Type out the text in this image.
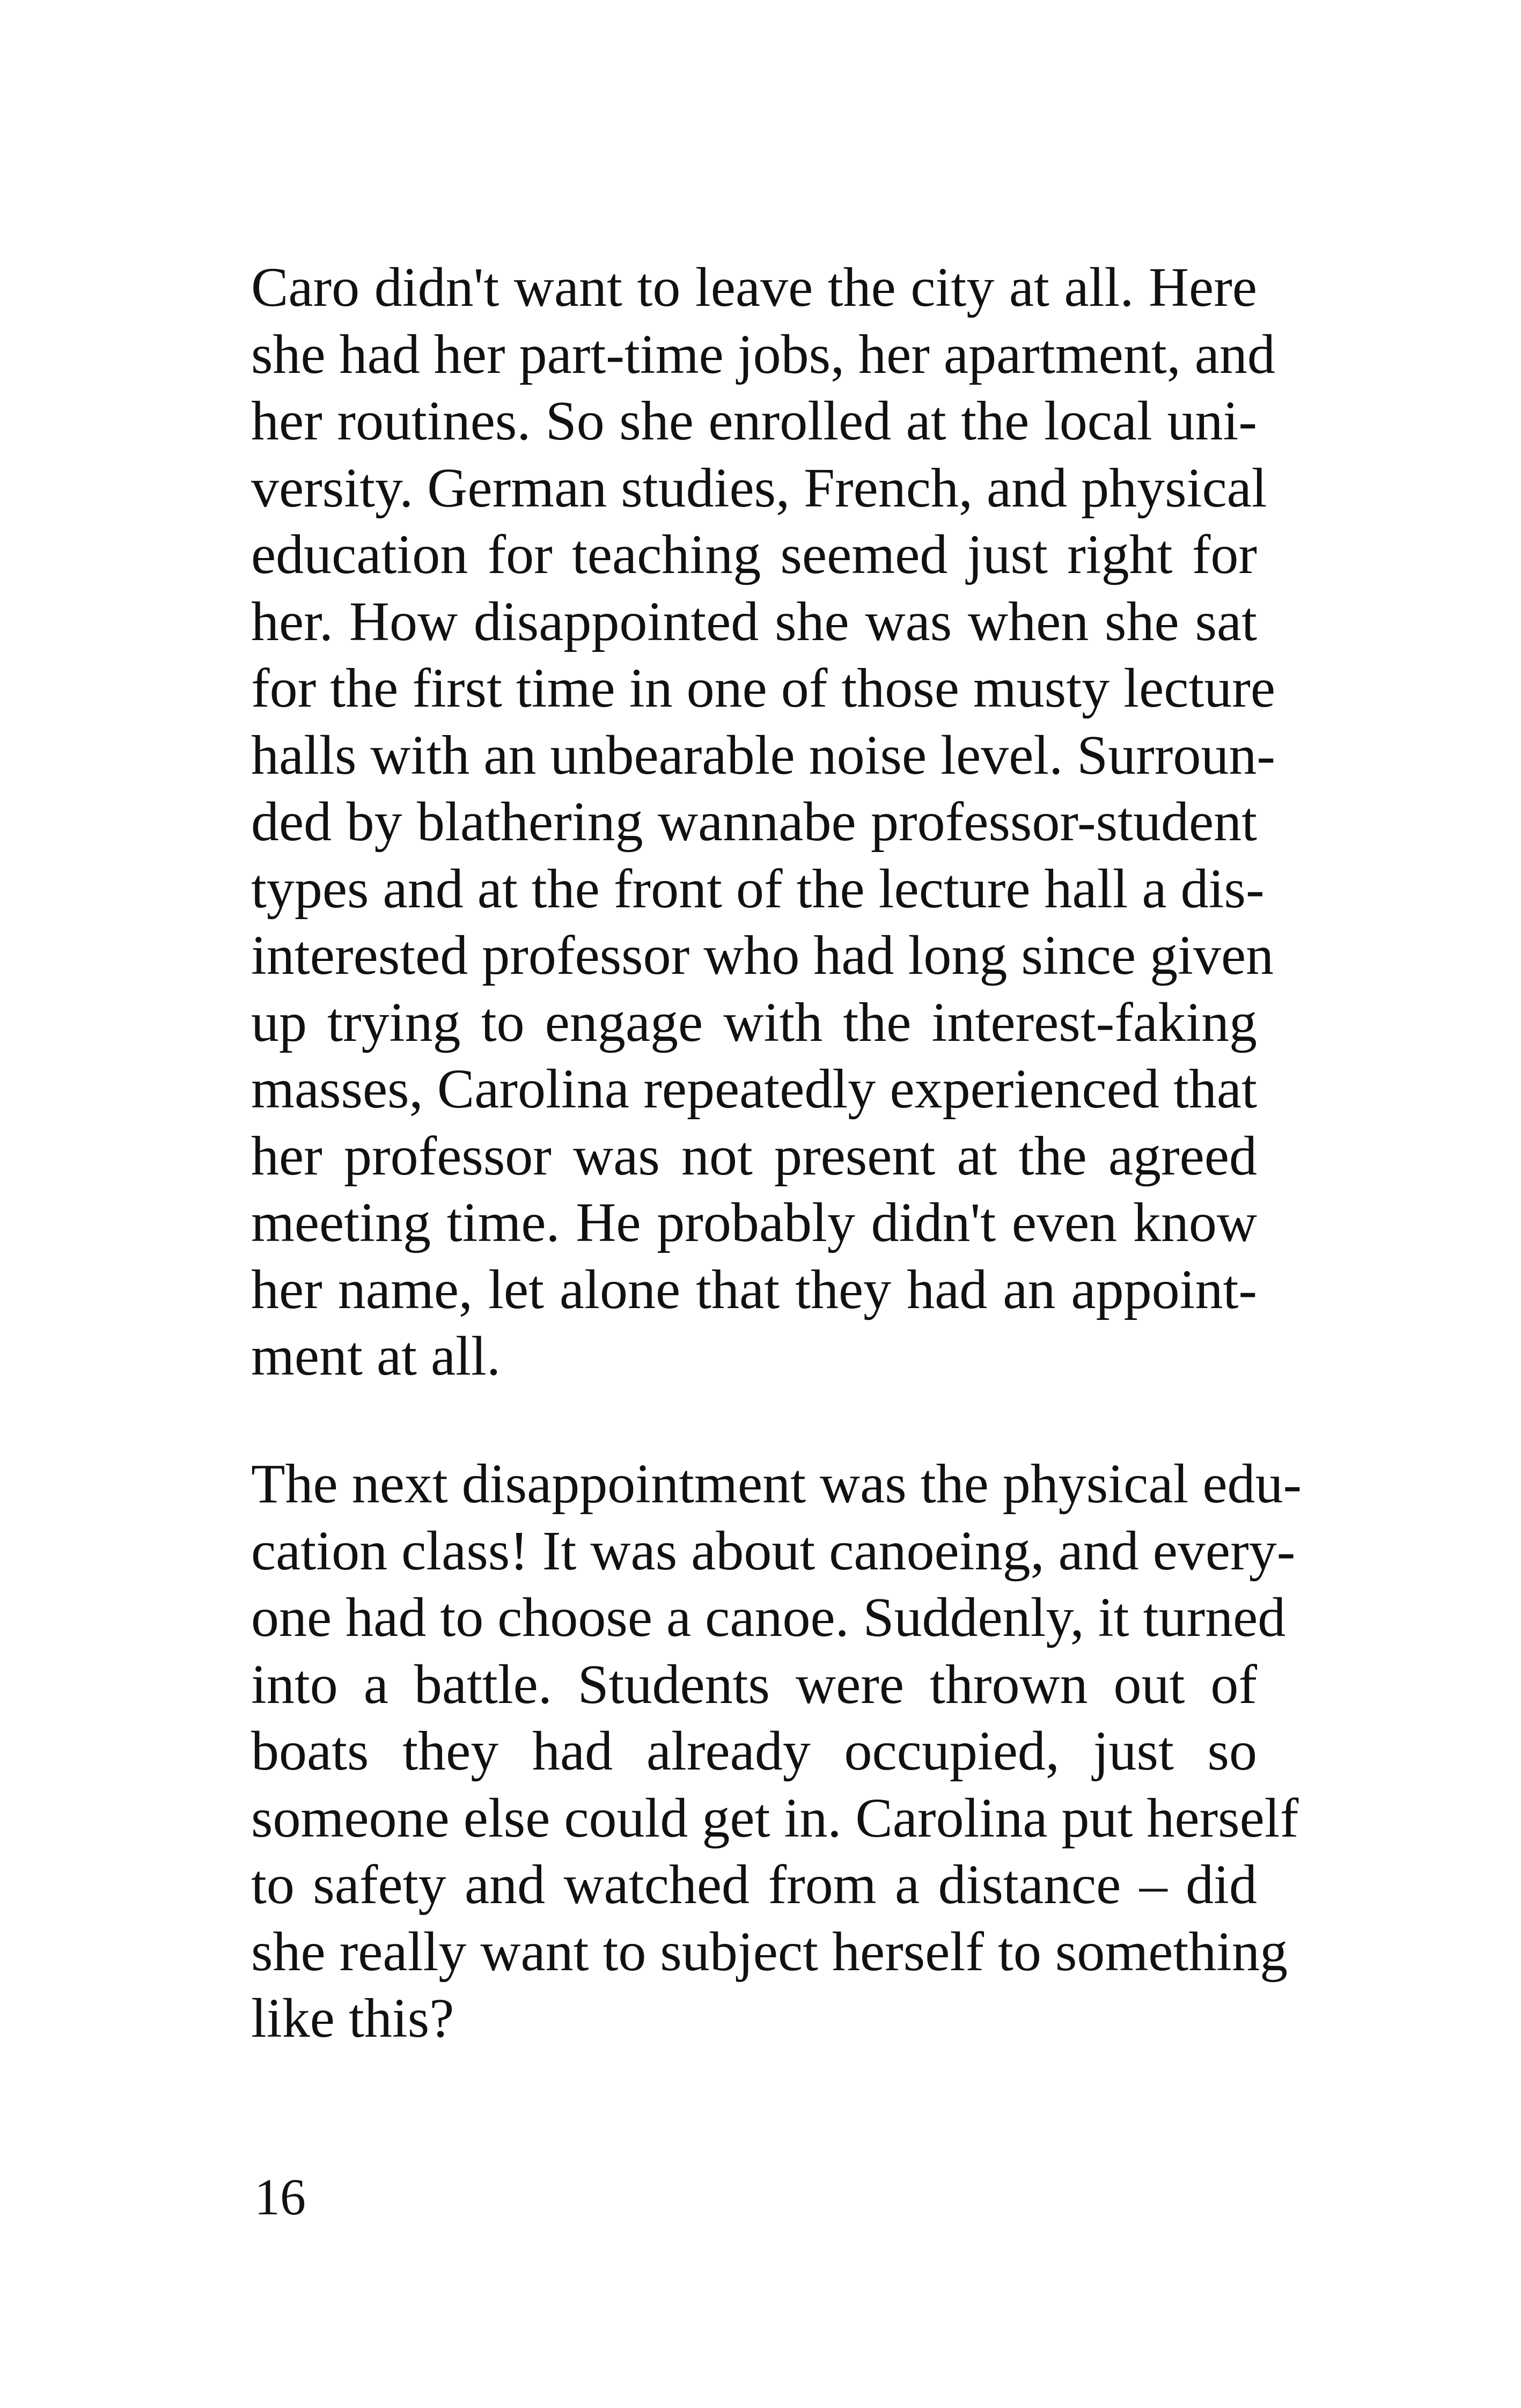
Caro didn't want to leave the city at all. Here
she had her part-time jobs, her apartment, and
her routines. So she enrolled at the local uni-
versity. German studies, French, and physical
education for teaching seemed just right for
her. How disappointed she was when she sat
for the first time in one of those musty lecture
halls with an unbearable noise level. Surroun-
ded by blathering wannabe professor-student
types and at the front of the lecture hall a dis-
interested professor who had long since given
up trying to engage with the interest-faking
masses, Carolina repeatedly experienced that
her professor was not present at the agreed
meeting time. He probably didn't even know
her name, let alone that they had an appoint-
ment at all.
The next disappointment was the physical edu-
cation class! It was about canoeing, and every-
one had to choose a canoe. Suddenly, it turned
into a battle. Students were thrown out of
boats they had already occupied, just so
someone else could get in. Carolina put herself
to safety and watched from a distance – did
she really want to subject herself to something
like this?
16
